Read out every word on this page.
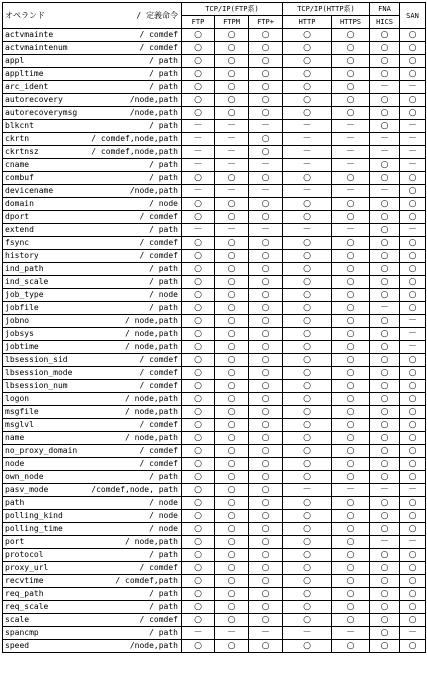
オペランド / 定義命令	TCP/IP(FTP系)			TCP/IP(HTTP系)		FNA	SAN
	FTP	FTPM	FTP+	HTTP	HTTPS	HICS	

actvmainte / comdef	○	○	○	○	○	○	○

actvmaintenum / comdef	○	○	○	○	○	○	○

appl / path	○	○	○	○	○	○	○

appltime / path	○	○	○	○	○	○	○

arc_ident / path	○	○	○	○	○	－	－

autorecovery /node,path	○	○	○	○	○	○	○

autorecoverymsg /node,path	○	○	○	○	○	○	○

blkcnt / path	－	－	－	－	－	○	－

ckrtn / comdef,node,path	－	－	○	－	－	－	－

ckrtnsz / comdef,node,path	－	－	○	－	－	－	－

cname / path	－	－	－	－	－	○	－

combuf / path	○	○	○	○	○	○	○

devicename /node,path	－	－	－	－	－	－	○

domain / node	○	○	○	○	○	○	○

dport / comdef	○	○	○	○	○	○	○

extend / path	－	－	－	－	－	○	－

fsync / comdef	○	○	○	○	○	○	○

history / comdef	○	○	○	○	○	○	○

ind_path / path	○	○	○	○	○	○	○

ind_scale / path	○	○	○	○	○	○	○

job_type / node	○	○	○	○	○	○	○

jobfile / path	○	○	○	○	○	－	○

jobno / node,path	○	○	○	○	○	○	－

jobsys / node,path	○	○	○	○	○	○	－

jobtime / node,path	○	○	○	○	○	○	－

lbsession_sid / comdef	○	○	○	○	○	○	○

lbsession_mode / comdef	○	○	○	○	○	○	○

lbsession_num / comdef	○	○	○	○	○	○	○

logon / node,path	○	○	○	○	○	○	○

msgfile / node,path	○	○	○	○	○	○	○

msglvl / comdef	○	○	○	○	○	○	○

name / node,path	○	○	○	○	○	○	○

no_proxy_domain / comdef	○	○	○	○	○	○	○

node / comdef	○	○	○	○	○	○	○

own_node / path	○	○	○	○	○	○	○

pasv_mode /comdef,node, path	○	○	○	－	－	－	－

path / node	○	○	○	○	○	○	○

polling_kind / node	○	○	○	○	○	○	○

polling_time / node	○	○	○	○	○	○	○

port / node,path	○	○	○	○	○	－	－

protocol / path	○	○	○	○	○	○	○

proxy_url / comdef	○	○	○	○	○	○	○

recvtime / comdef,path	○	○	○	○	○	○	○

req_path / path	○	○	○	○	○	○	○

req_scale / path	○	○	○	○	○	○	○

scale / comdef	○	○	○	○	○	○	○

spancmp / path	－	－	－	－	－	○	－

speed /node,path	○	○	○	○	○	○	○
